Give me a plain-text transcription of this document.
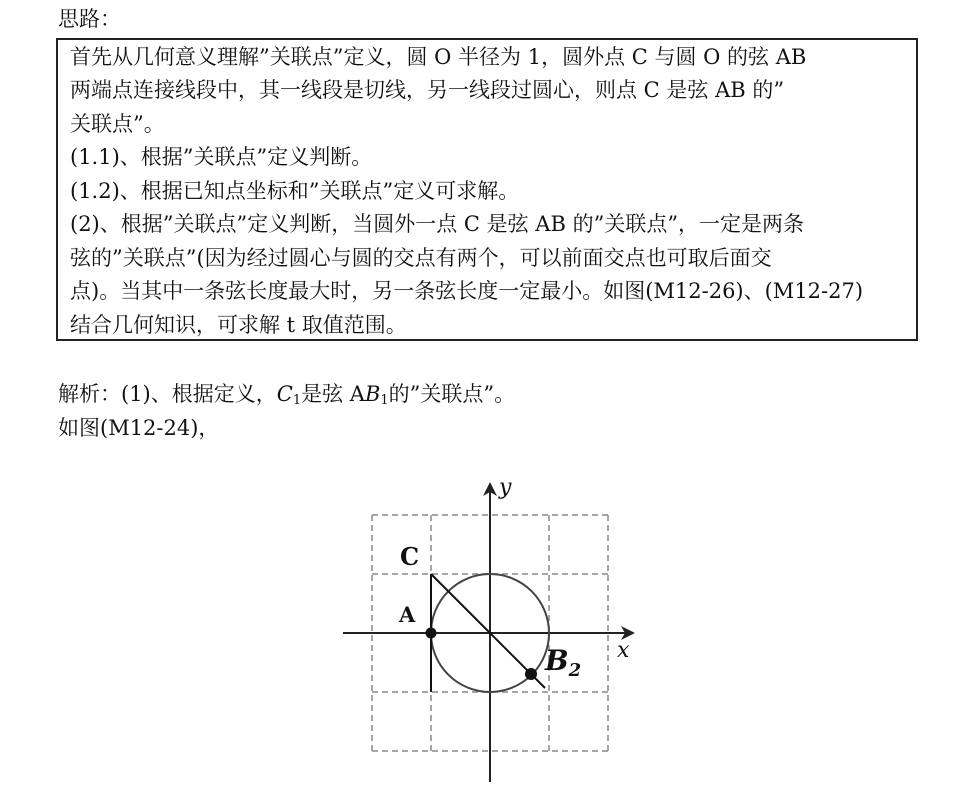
思路：
首先从几何意义理解”关联点”定义，圆 O 半径为 1，圆外点 C 与圆 O 的弦 AB
两端点连接线段中，其一线段是切线，另一线段过圆心，则点 C 是弦 AB 的”
关联点”。
(1.1)、根据”关联点”定义判断。
(1.2)、根据已知点坐标和”关联点”定义可求解。
(2)、根据”关联点”定义判断，当圆外一点 C 是弦 AB 的”关联点”，一定是两条
弦的”关联点”(因为经过圆心与圆的交点有两个，可以前面交点也可取后面交
点)。当其中一条弦长度最大时，另一条弦长度一定最小。如图(M12-26)、(M12-27)
结合几何知识，可求解 t 取值范围。
解析：(1)、根据定义，$C_1$是弦 $AB_1$的”关联点”。
如图(M12-24)，
y
x
C
A
$B_2$
